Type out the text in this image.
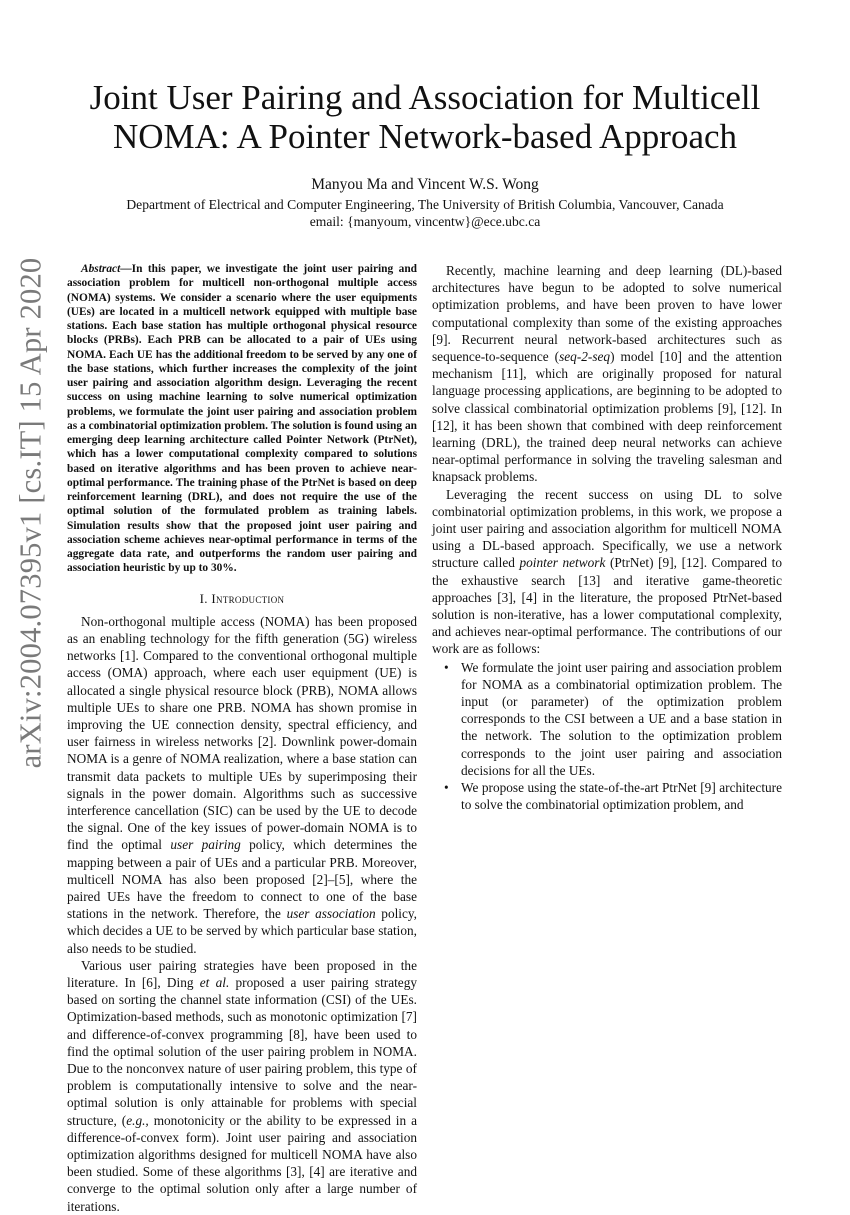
arXiv:2004.07395v1 [cs.IT] 15 Apr 2020
Joint User Pairing and Association for Multicell
NOMA: A Pointer Network-based Approach
Manyou Ma and Vincent W.S. Wong
Department of Electrical and Computer Engineering, The University of British Columbia, Vancouver, Canada
email: {manyoum, vincentw}@ece.ubc.ca

Abstract—In this paper, we investigate the joint user pairing and association problem for multicell non-orthogonal multiple access (NOMA) systems. We consider a scenario where the user equipments (UEs) are located in a multicell network equipped with multiple base stations. Each base station has multiple orthogonal physical resource blocks (PRBs). Each PRB can be allocated to a pair of UEs using NOMA. Each UE has the additional freedom to be served by any one of the base stations, which further increases the complexity of the joint user pairing and association algorithm design. Leveraging the recent success on using machine learning to solve numerical optimization problems, we formulate the joint user pairing and association problem as a combinatorial optimization problem. The solution is found using an emerging deep learning architecture called Pointer Network (PtrNet), which has a lower computational complexity compared to solutions based on iterative algorithms and has been proven to achieve near-optimal performance. The training phase of the PtrNet is based on deep reinforcement learning (DRL), and does not require the use of the optimal solution of the formulated problem as training labels. Simulation results show that the proposed joint user pairing and association scheme achieves near-optimal performance in terms of the aggregate data rate, and outperforms the random user pairing and association heuristic by up to 30%.

I. Introduction

Non-orthogonal multiple access (NOMA) has been proposed as an enabling technology for the fifth generation (5G) wireless networks [1]. Compared to the conventional orthogonal multiple access (OMA) approach, where each user equipment (UE) is allocated a single physical resource block (PRB), NOMA allows multiple UEs to share one PRB. NOMA has shown promise in improving the UE connection density, spectral efficiency, and user fairness in wireless networks [2]. Downlink power-domain NOMA is a genre of NOMA realization, where a base station can transmit data packets to multiple UEs by superimposing their signals in the power domain. Algorithms such as successive interference cancellation (SIC) can be used by the UE to decode the signal. One of the key issues of power-domain NOMA is to find the optimal user pairing policy, which determines the mapping between a pair of UEs and a particular PRB. Moreover, multicell NOMA has also been proposed [2]–[5], where the paired UEs have the freedom to connect to one of the base stations in the network. Therefore, the user association policy, which decides a UE to be served by which particular base station, also needs to be studied.

Various user pairing strategies have been proposed in the literature. In [6], Ding et al. proposed a user pairing strategy based on sorting the channel state information (CSI) of the UEs. Optimization-based methods, such as monotonic optimization [7] and difference-of-convex programming [8], have been used to find the optimal solution of the user pairing problem in NOMA. Due to the nonconvex nature of user pairing problem, this type of problem is computationally intensive to solve and the near-optimal solution is only attainable for problems with special structure, (e.g., monotonicity or the ability to be expressed in a difference-of-convex form). Joint user pairing and association optimization algorithms designed for multicell NOMA have also been studied. Some of these algorithms [3], [4] are iterative and converge to the optimal solution only after a large number of iterations.

Recently, machine learning and deep learning (DL)-based architectures have begun to be adopted to solve numerical optimization problems, and have been proven to have lower computational complexity than some of the existing approaches [9]. Recurrent neural network-based architectures such as sequence-to-sequence (seq-2-seq) model [10] and the attention mechanism [11], which are originally proposed for natural language processing applications, are beginning to be adopted to solve classical combinatorial optimization problems [9], [12]. In [12], it has been shown that combined with deep reinforcement learning (DRL), the trained deep neural networks can achieve near-optimal performance in solving the traveling salesman and knapsack problems.

Leveraging the recent success on using DL to solve combinatorial optimization problems, in this work, we propose a joint user pairing and association algorithm for multicell NOMA using a DL-based approach. Specifically, we use a network structure called pointer network (PtrNet) [9], [12]. Compared to the exhaustive search [13] and iterative game-theoretic approaches [3], [4] in the literature, the proposed PtrNet-based solution is non-iterative, has a lower computational complexity, and achieves near-optimal performance. The contributions of our work are as follows:

• We formulate the joint user pairing and association problem for NOMA as a combinatorial optimization problem. The input (or parameter) of the optimization problem corresponds to the CSI between a UE and a base station in the network. The solution to the optimization problem corresponds to the joint user pairing and association decisions for all the UEs.
• We propose using the state-of-the-art PtrNet [9] architecture to solve the combinatorial optimization problem, and
